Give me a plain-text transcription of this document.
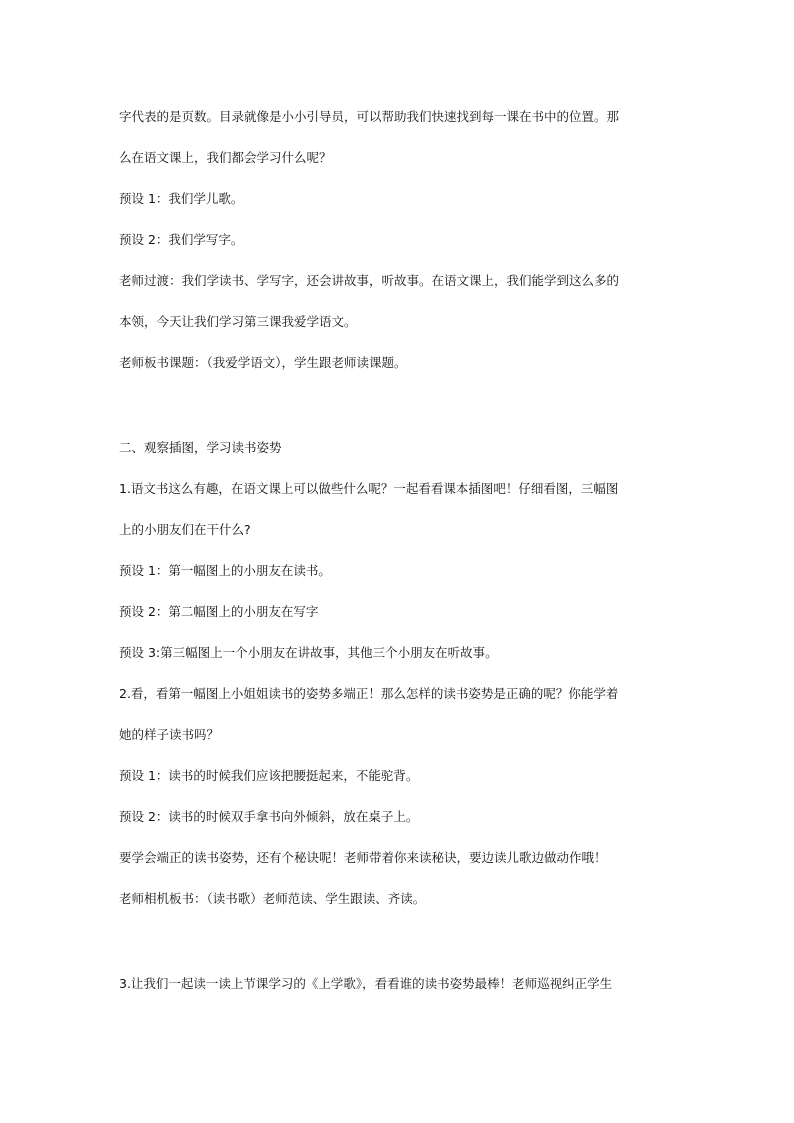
字代表的是页数。目录就像是小小引导员，可以帮助我们快速找到每一课在书中的位置。那
么在语文课上，我们都会学习什么呢？
预设 1：我们学儿歌。
预设 2：我们学写字。
老师过渡：我们学读书、学写字，还会讲故事，听故事。在语文课上，我们能学到这么多的
本领，今天让我们学习第三课我爱学语文。
老师板书课题：（我爱学语文），学生跟老师读课题。
二、观察插图，学习读书姿势
1.语文书这么有趣，在语文课上可以做些什么呢？一起看看课本插图吧！仔细看图，三幅图
上的小朋友们在干什么?
预设 1：第一幅图上的小朋友在读书。
预设 2：第二幅图上的小朋友在写字
预设 3:第三幅图上一个小朋友在讲故事，其他三个小朋友在听故事。
2.看，看第一幅图上小姐姐读书的姿势多端正！那么怎样的读书姿势是正确的呢？你能学着
她的样子读书吗？
预设 1：读书的时候我们应该把腰挺起来，不能驼背。
预设 2：读书的时候双手拿书向外倾斜，放在桌子上。
要学会端正的读书姿势，还有个秘诀呢！老师带着你来读秘诀，要边读儿歌边做动作哦！
老师相机板书：（读书歌）老师范读、学生跟读、齐读。
3.让我们一起读一读上节课学习的《上学歌》，看看谁的读书姿势最棒！老师巡视纠正学生
